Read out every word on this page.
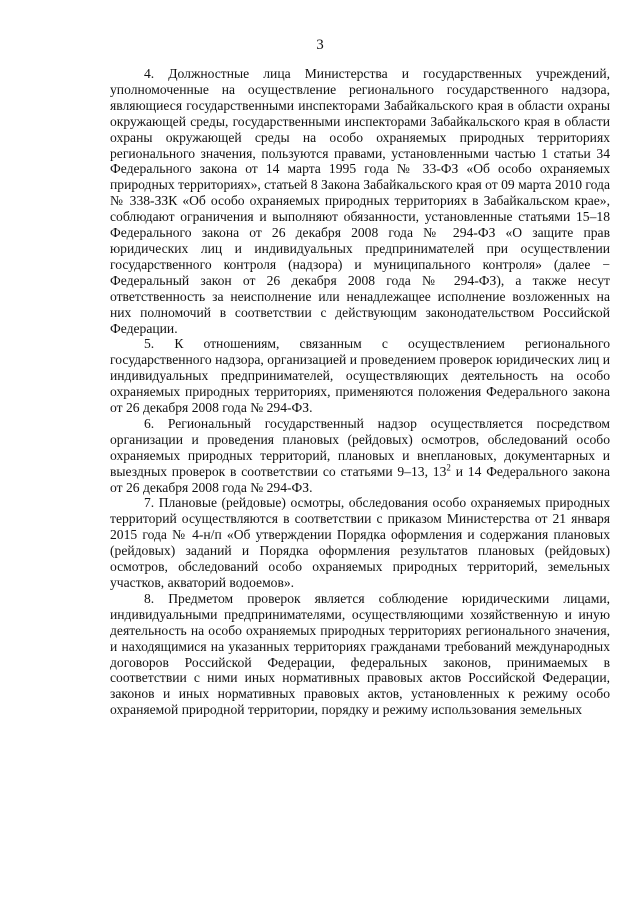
3

4. Должностные лица Министерства и государственных учреждений, уполномоченные на осуществление регионального государственного надзора, являющиеся государственными инспекторами Забайкальского края в области охраны окружающей среды, государственными инспекторами Забайкальского края в области охраны окружающей среды на особо охраняемых природных территориях регионального значения, пользуются правами, установленными частью 1 статьи 34 Федерального закона от 14 марта 1995 года № 33-ФЗ «Об особо охраняемых природных территориях», статьей 8 Закона Забайкальского края от 09 марта 2010 года № 338-ЗЗК «Об особо охраняемых природных территориях в Забайкальском крае», соблюдают ограничения и выполняют обязанности, установленные статьями 15–18 Федерального закона от 26 декабря 2008 года № 294-ФЗ «О защите прав юридических лиц и индивидуальных предпринимателей при осуществлении государственного контроля (надзора) и муниципального контроля» (далее − Федеральный закон от 26 декабря 2008 года № 294-ФЗ), а также несут ответственность за неисполнение или ненадлежащее исполнение возложенных на них полномочий в соответствии с действующим законодательством Российской Федерации.

5. К отношениям, связанным с осуществлением регионального государственного надзора, организацией и проведением проверок юридических лиц и индивидуальных предпринимателей, осуществляющих деятельность на особо охраняемых природных территориях, применяются положения Федерального закона от 26 декабря 2008 года № 294-ФЗ.

6. Региональный государственный надзор осуществляется посредством организации и проведения плановых (рейдовых) осмотров, обследований особо охраняемых природных территорий, плановых и внеплановых, документарных и выездных проверок в соответствии со статьями 9–13, $13^2$ и 14 Федерального закона от 26 декабря 2008 года № 294-ФЗ.

7. Плановые (рейдовые) осмотры, обследования особо охраняемых природных территорий осуществляются в соответствии с приказом Министерства от 21 января 2015 года № 4-н/п «Об утверждении Порядка оформления и содержания плановых (рейдовых) заданий и Порядка оформления результатов плановых (рейдовых) осмотров, обследований особо охраняемых природных территорий, земельных участков, акваторий водоемов».

8. Предметом проверок является соблюдение юридическими лицами, индивидуальными предпринимателями, осуществляющими хозяйственную и иную деятельность на особо охраняемых природных территориях регионального значения, и находящимися на указанных территориях гражданами требований международных договоров Российской Федерации, федеральных законов, принимаемых в соответствии с ними иных нормативных правовых актов Российской Федерации, законов и иных нормативных правовых актов, установленных к режиму особо охраняемой природной территории, порядку и режиму использования земельных
